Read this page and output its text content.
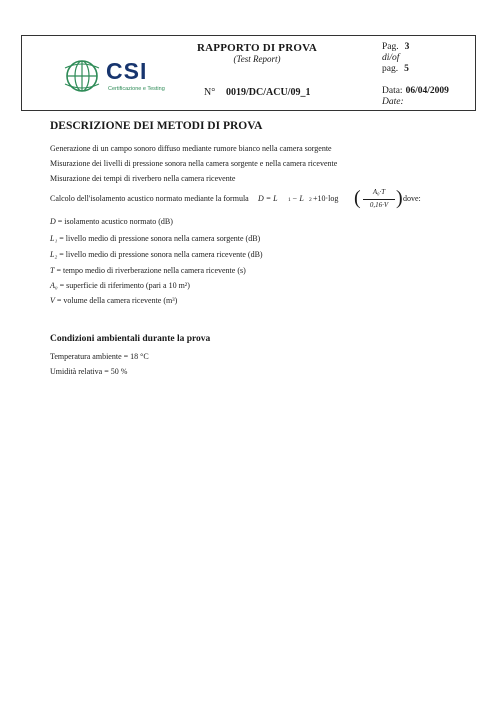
CSI
Certificazione e Testing
RAPPORTO DI PROVA
(Test Report)
N° 0019/DC/ACU/09_1
Pag. 3
di/of
pag. 5
Data: 06/04/2009
Date:
DESCRIZIONE DEI METODI DI PROVA
Generazione di un campo sonoro diffuso mediante rumore bianco nella camera sorgente
Misurazione dei livelli di pressione sonora nella camera sorgente e nella camera ricevente
Misurazione dei tempi di riverbero nella camera ricevente
Calcolo dell'isolamento acustico normato mediante la formula D = L 1 − L 2 +10·log (	A₀·T
0,16·V ) dove:
D = isolamento acustico normato (dB)
L₁ = livello medio di pressione sonora nella camera sorgente (dB)
L₂ = livello medio di pressione sonora nella camera ricevente (dB)
T = tempo medio di riverberazione nella camera ricevente (s)
A₀ = superficie di riferimento (pari a 10 m²)
V = volume della camera ricevente (m³)
Condizioni ambientali durante la prova
Temperatura ambiente = 18 °C
Umidità relativa = 50 %
